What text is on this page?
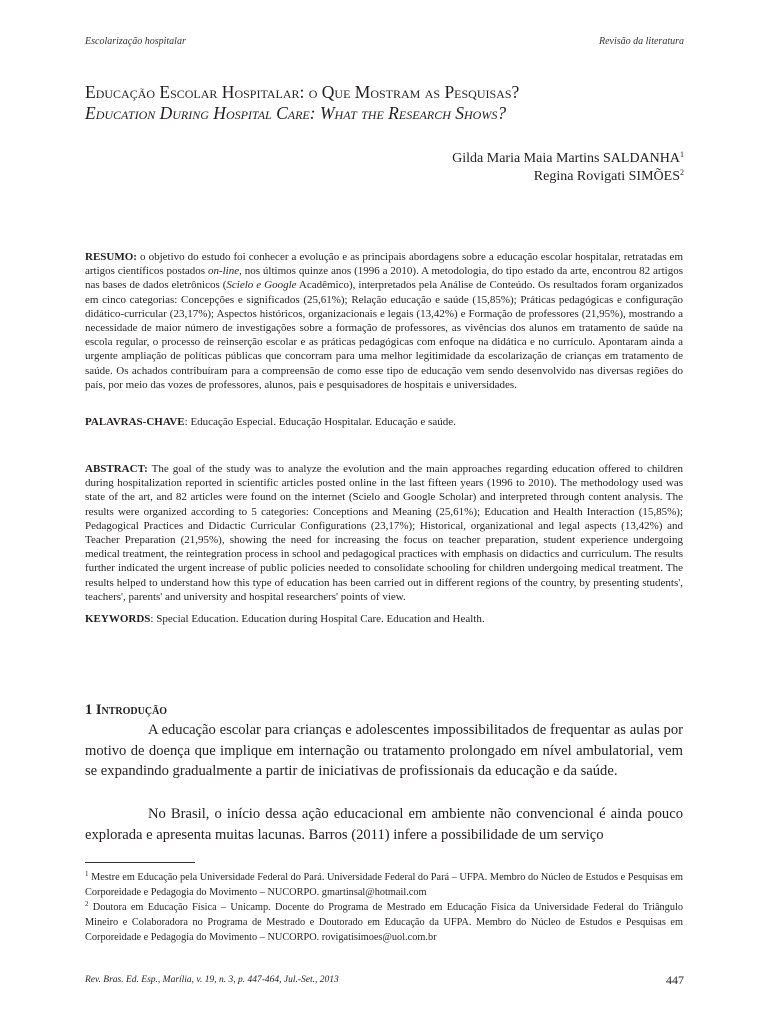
Escolarização hospitalar	Revisão da literatura
Educação Escolar Hospitalar: o Que Mostram as Pesquisas?
Education During Hospital Care: What the Research Shows?
Gilda Maria Maia Martins SALDANHA$^1$
Regina Rovigati SIMÕES$^2$

RESUMO: o objetivo do estudo foi conhecer a evolução e as principais abordagens sobre a educação escolar hospitalar, retratadas em artigos científicos postados on-line, nos últimos quinze anos (1996 a 2010). A metodologia, do tipo estado da arte, encontrou 82 artigos nas bases de dados eletrônicos (Scielo e Google Acadêmico), interpretados pela Análise de Conteúdo. Os resultados foram organizados em cinco categorias: Concepções e significados (25,61%); Relação educação e saúde (15,85%); Práticas pedagógicas e configuração didático-curricular (23,17%); Aspectos históricos, organizacionais e legais (13,42%) e Formação de professores (21,95%), mostrando a necessidade de maior número de investigações sobre a formação de professores, as vivências dos alunos em tratamento de saúde na escola regular, o processo de reinserção escolar e as práticas pedagógicas com enfoque na didática e no currículo. Apontaram ainda a urgente ampliação de políticas públicas que concorram para uma melhor legitimidade da escolarização de crianças em tratamento de saúde. Os achados contribuíram para a compreensão de como esse tipo de educação vem sendo desenvolvido nas diversas regiões do país, por meio das vozes de professores, alunos, pais e pesquisadores de hospitais e universidades.

PALAVRAS-CHAVE: Educação Especial. Educação Hospitalar. Educação e saúde.

ABSTRACT: The goal of the study was to analyze the evolution and the main approaches regarding education offered to children during hospitalization reported in scientific articles posted online in the last fifteen years (1996 to 2010). The methodology used was state of the art, and 82 articles were found on the internet (Scielo and Google Scholar) and interpreted through content analysis. The results were organized according to 5 categories: Conceptions and Meaning (25,61%); Education and Health Interaction (15,85%); Pedagogical Practices and Didactic Curricular Configurations (23,17%); Historical, organizational and legal aspects (13,42%) and Teacher Preparation (21,95%), showing the need for increasing the focus on teacher preparation, student experience undergoing medical treatment, the reintegration process in school and pedagogical practices with emphasis on didactics and curriculum. The results further indicated the urgent increase of public policies needed to consolidate schooling for children undergoing medical treatment. The results helped to understand how this type of education has been carried out in different regions of the country, by presenting students', teachers', parents' and university and hospital researchers' points of view.

KEYWORDS: Special Education. Education during Hospital Care. Education and Health.

1 Introdução

A educação escolar para crianças e adolescentes impossibilitados de frequentar as aulas por motivo de doença que implique em internação ou tratamento prolongado em nível ambulatorial, vem se expandindo gradualmente a partir de iniciativas de profissionais da educação e da saúde.

No Brasil, o início dessa ação educacional em ambiente não convencional é ainda pouco explorada e apresenta muitas lacunas. Barros (2011) infere a possibilidade de um serviço

$^1$ Mestre em Educação pela Universidade Federal do Pará. Universidade Federal do Pará – UFPA. Membro do Núcleo de Estudos e Pesquisas em Corporeidade e Pedagogia do Movimento – NUCORPO. gmartinsal@hotmail.com

$^2$ Doutora em Educação Física – Unicamp. Docente do Programa de Mestrado em Educação Física da Universidade Federal do Triângulo Mineiro e Colaboradora no Programa de Mestrado e Doutorado em Educação da UFPA. Membro do Núcleo de Estudos e Pesquisas em Corporeidade e Pedagogia do Movimento – NUCORPO. rovigatisimoes@uol.com.br

Rev. Bras. Ed. Esp., Marília, v. 19, n. 3, p. 447-464, Jul.-Set., 2013	447
